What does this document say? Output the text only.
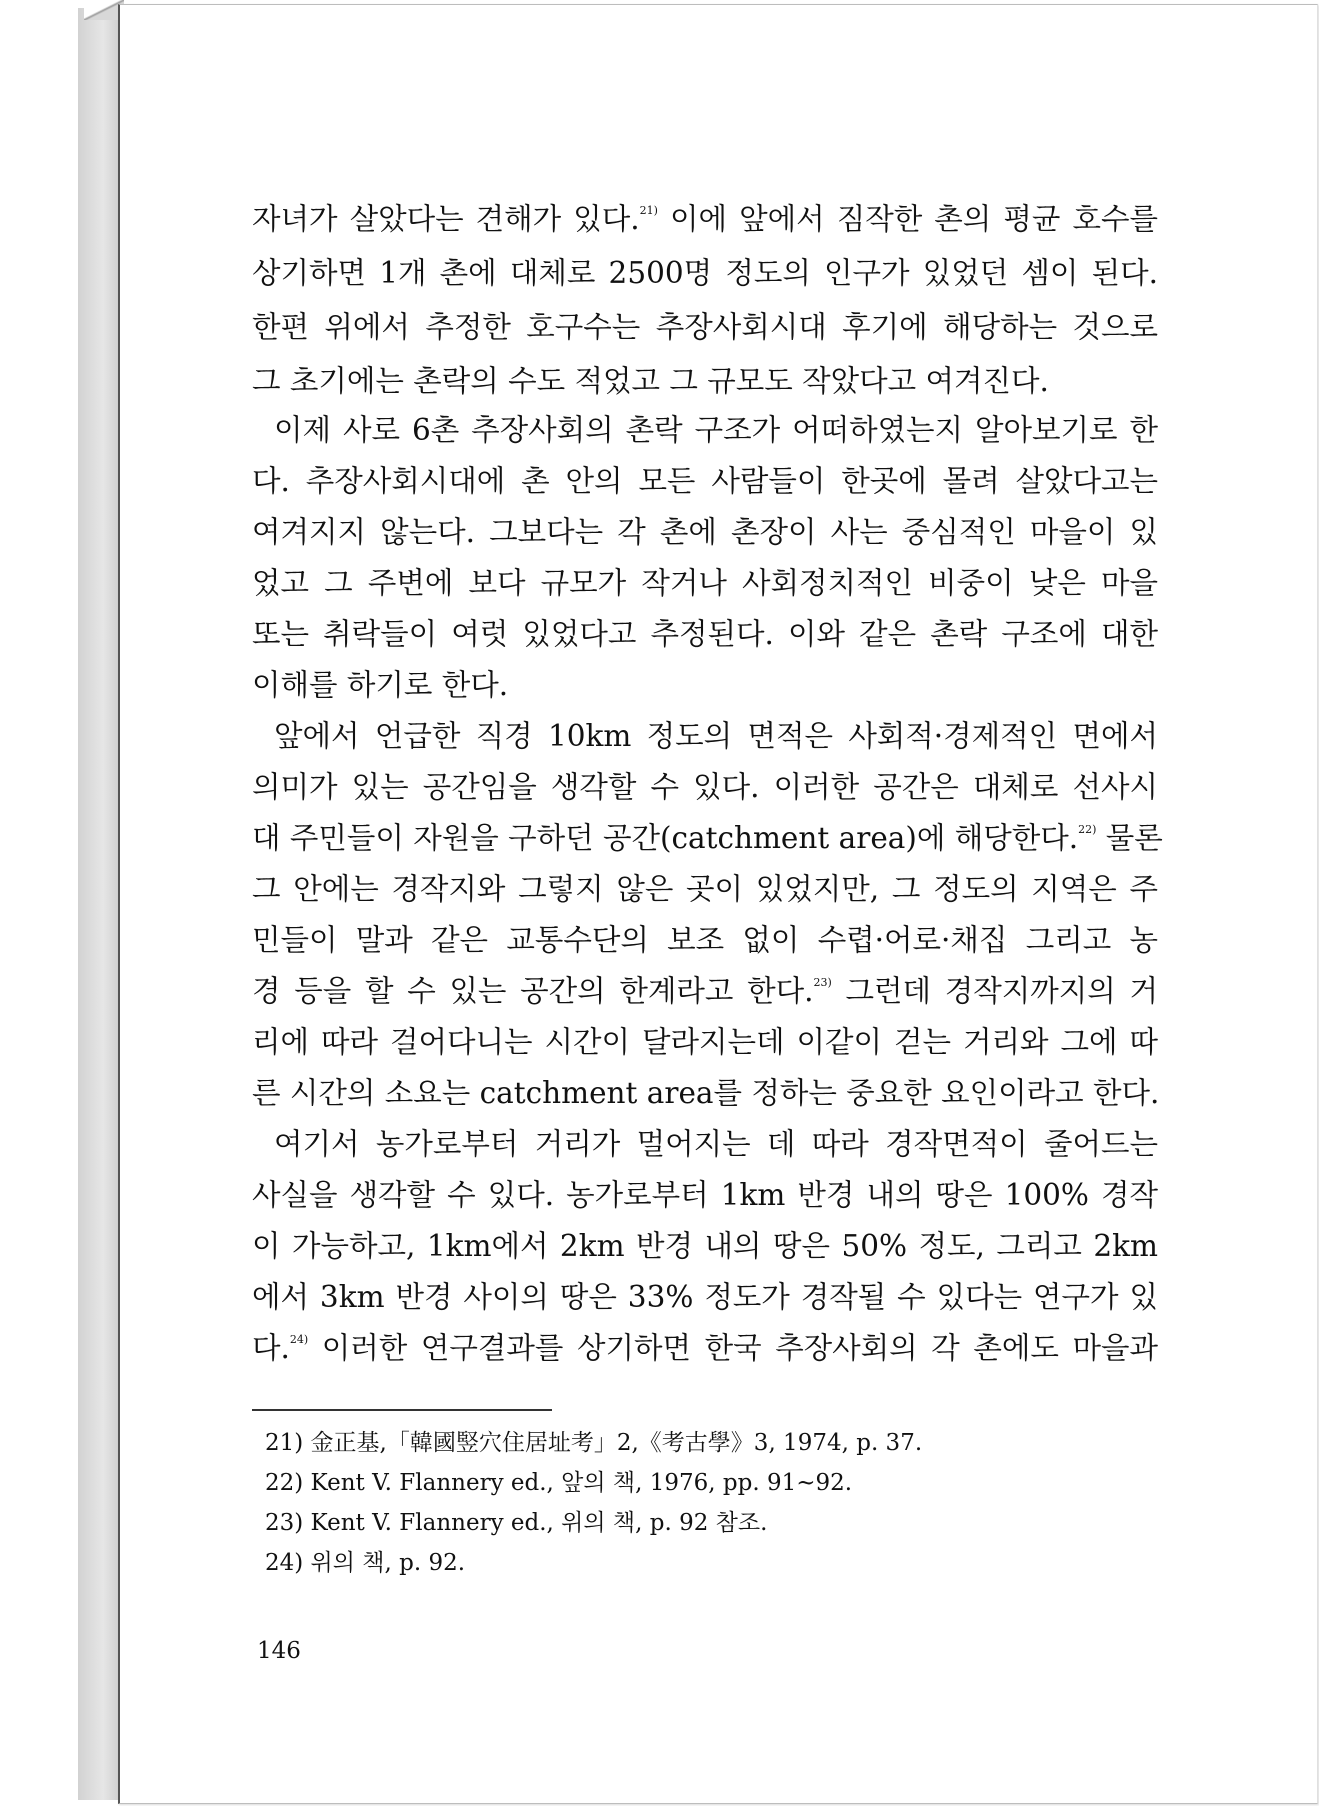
자녀가 살았다는 견해가 있다.$^{21)}$ 이에 앞에서 짐작한 촌의 평균 호수를
상기하면 1개 촌에 대체로 2500명 정도의 인구가 있었던 셈이 된다.
한편 위에서 추정한 호구수는 추장사회시대 후기에 해당하는 것으로
그 초기에는 촌락의 수도 적었고 그 규모도 작았다고 여겨진다.
이제 사로 6촌 추장사회의 촌락 구조가 어떠하였는지 알아보기로 한
다. 추장사회시대에 촌 안의 모든 사람들이 한곳에 몰려 살았다고는
여겨지지 않는다. 그보다는 각 촌에 촌장이 사는 중심적인 마을이 있
었고 그 주변에 보다 규모가 작거나 사회정치적인 비중이 낮은 마을
또는 취락들이 여럿 있었다고 추정된다. 이와 같은 촌락 구조에 대한
이해를 하기로 한다.
앞에서 언급한 직경 10km 정도의 면적은 사회적·경제적인 면에서
의미가 있는 공간임을 생각할 수 있다. 이러한 공간은 대체로 선사시
대 주민들이 자원을 구하던 공간(catchment area)에 해당한다.$^{22)}$ 물론
그 안에는 경작지와 그렇지 않은 곳이 있었지만, 그 정도의 지역은 주
민들이 말과 같은 교통수단의 보조 없이 수렵·어로·채집 그리고 농
경 등을 할 수 있는 공간의 한계라고 한다.$^{23)}$ 그런데 경작지까지의 거
리에 따라 걸어다니는 시간이 달라지는데 이같이 걷는 거리와 그에 따
른 시간의 소요는 catchment area를 정하는 중요한 요인이라고 한다.
여기서 농가로부터 거리가 멀어지는 데 따라 경작면적이 줄어드는
사실을 생각할 수 있다. 농가로부터 1km 반경 내의 땅은 100% 경작
이 가능하고, 1km에서 2km 반경 내의 땅은 50% 정도, 그리고 2km
에서 3km 반경 사이의 땅은 33% 정도가 경작될 수 있다는 연구가 있
다.$^{24)}$ 이러한 연구결과를 상기하면 한국 추장사회의 각 촌에도 마을과
21) 金正基,「韓國竪穴住居址考」2,《考古學》3, 1974, p. 37.
22) Kent V. Flannery ed., 앞의 책, 1976, pp. 91~92.
23) Kent V. Flannery ed., 위의 책, p. 92 참조.
24) 위의 책, p. 92.
146
